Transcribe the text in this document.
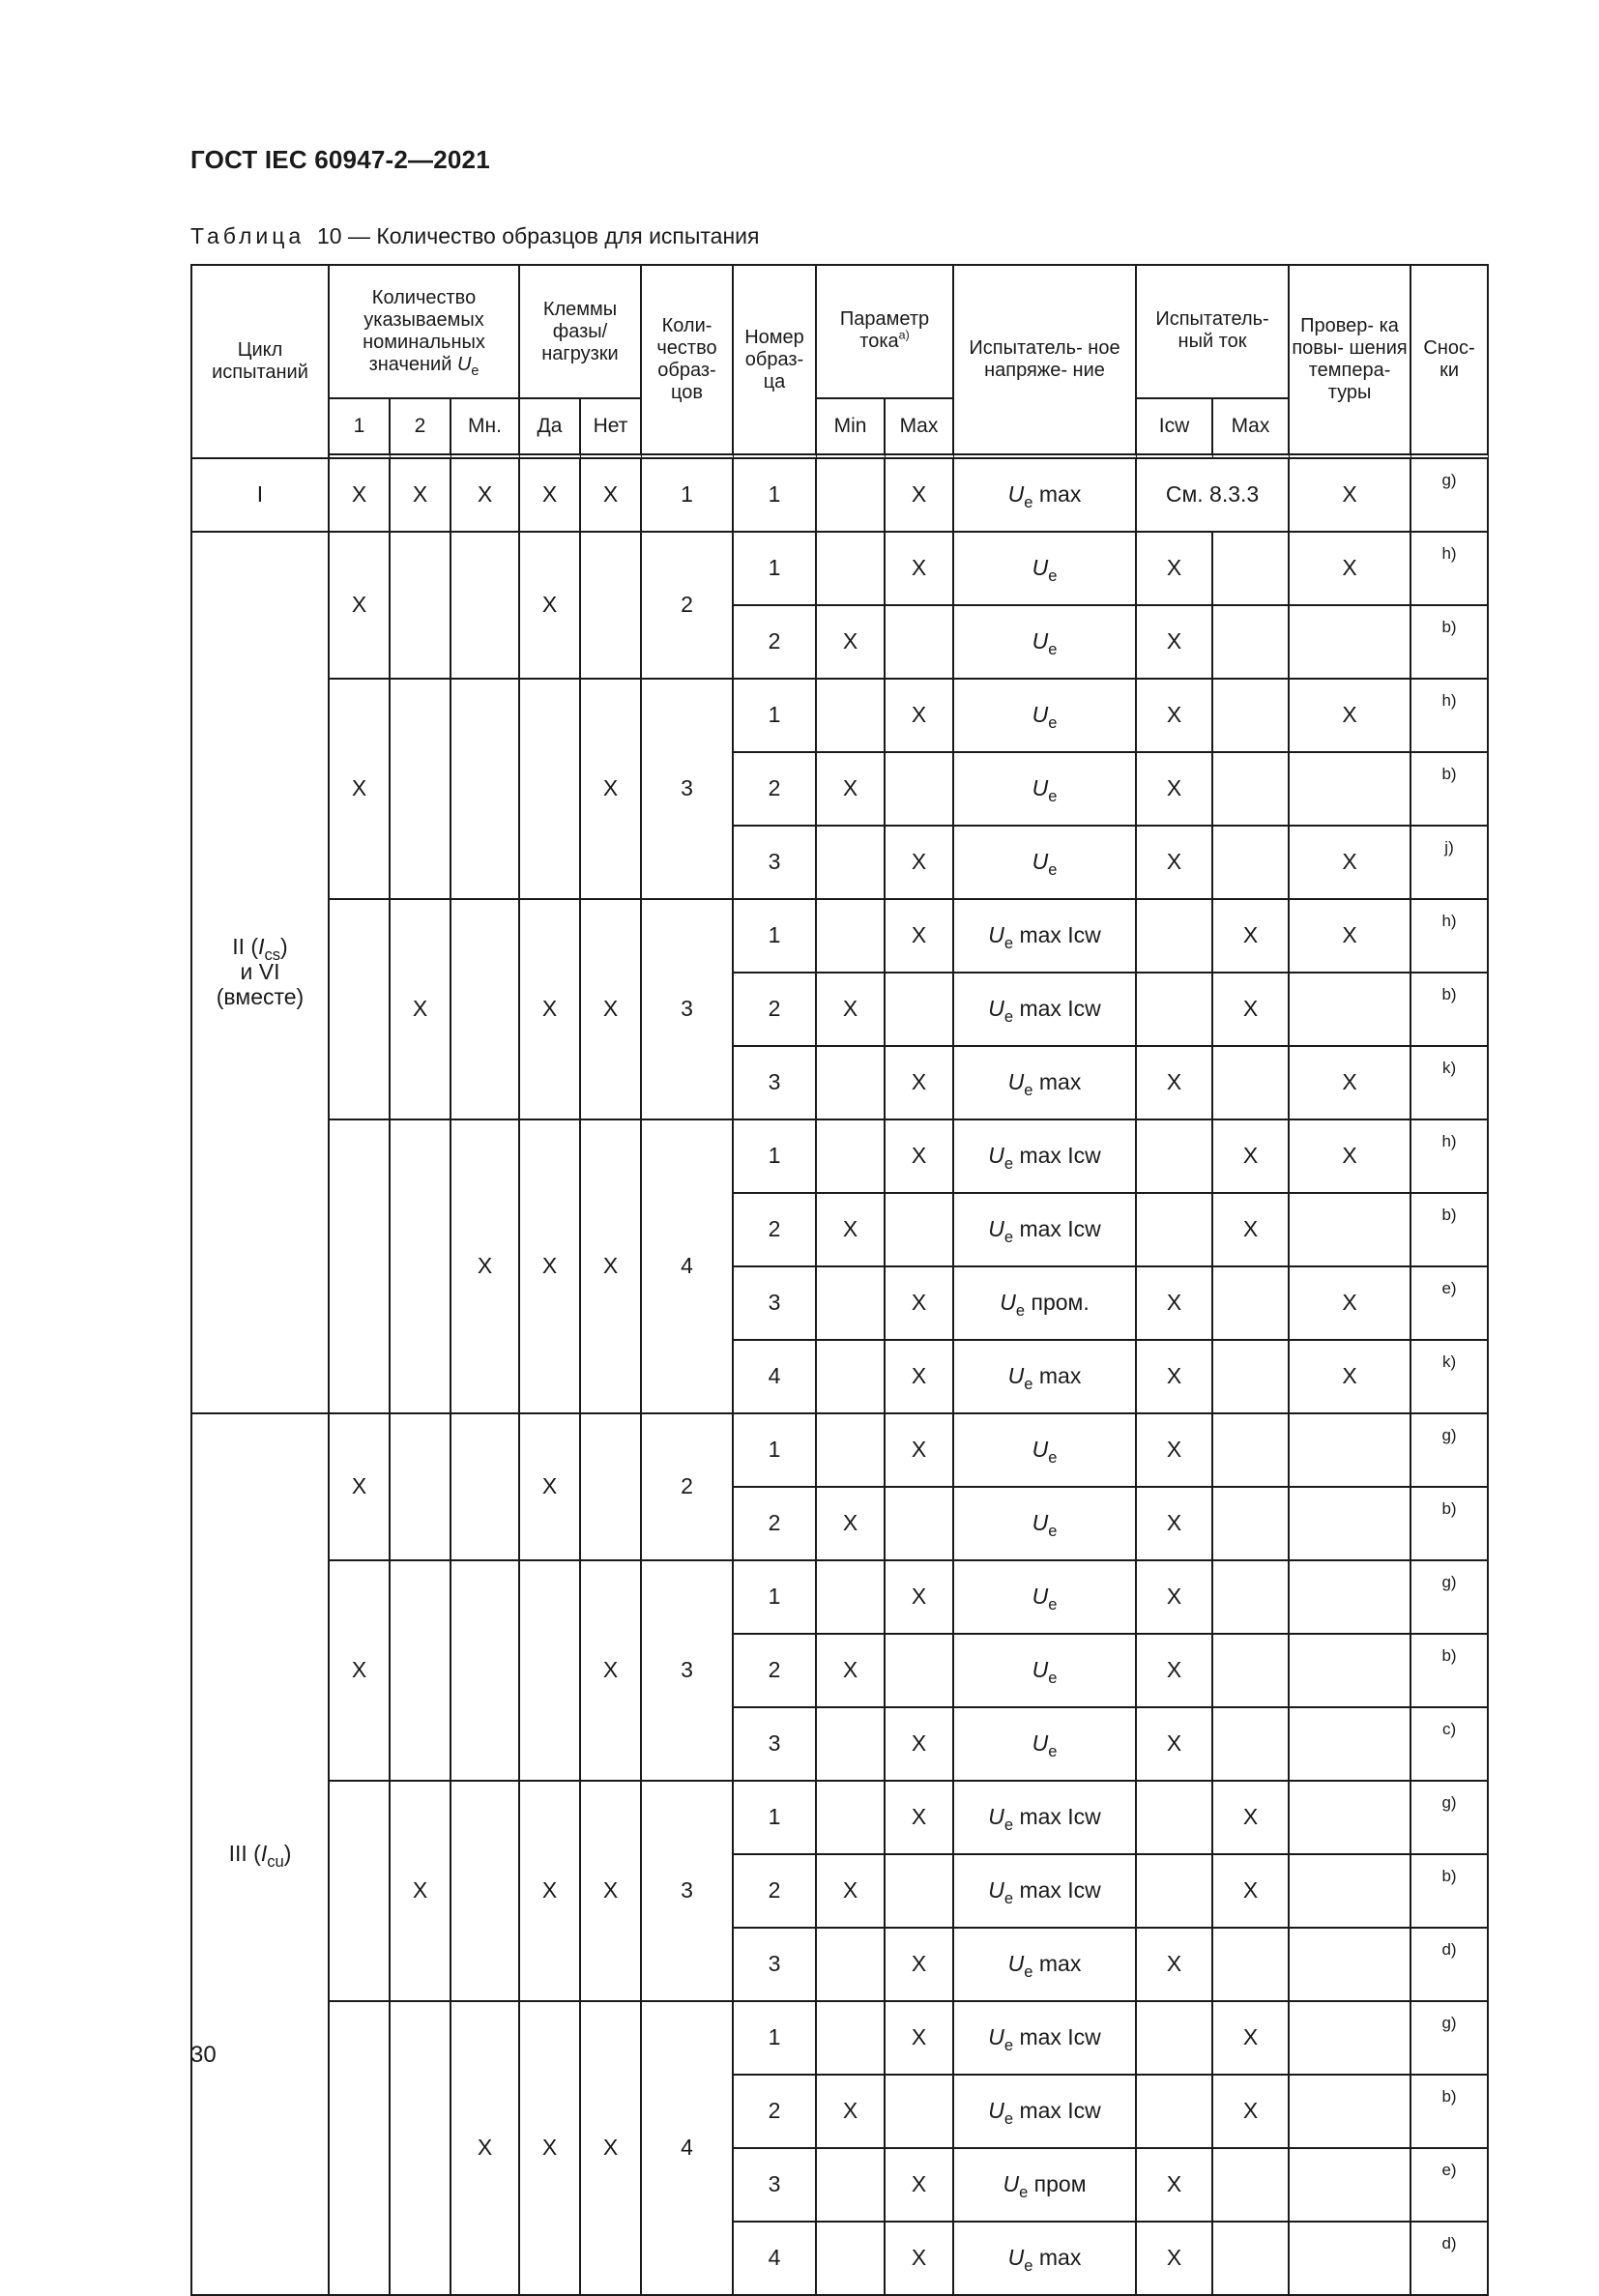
ГОСТ IEC 60947-2—2021
Таблица 10 — Количество образцов для испытания
Цикл испытаний	Количество указываемых номинальных значений $U_e$			Клеммы фазы/ нагрузки		Коли- чество образ- цов	Номер образ- ца	Параметр тока$^{a)}$		Испытатель- ное напряже- ние	Испытатель- ный ток		Провер- ка повы- шения темпера- туры	Снос- ки
	1	2	Мн.	Да	Нет			Min	Max		Icw	Max		
I	X	X	X	X	X	1	1		X	$U_e$ max	См. 8.3.3		X	g)
II $(I_{cs})$
и VI
(вместе)	X			X		2	1		X	$U_e$	X		X	h)
							2	X		$U_e$	X			b)
	X				X	3	1		X	$U_e$	X		X	h)
							2	X		$U_e$	X			b)
							3		X	$U_e$	X		X	j)
		X		X	X	3	1		X	$U_e$ max Icw		X	X	h)
							2	X		$U_e$ max Icw		X		b)
							3		X	$U_e$ max	X		X	k)
			X	X	X	4	1		X	$U_e$ max Icw		X	X	h)
							2	X		$U_e$ max Icw		X		b)
							3		X	$U_e$ пром.	X		X	e)
							4		X	$U_e$ max	X		X	k)
III $(I_{cu})$	X			X		2	1		X	$U_e$	X			g)
							2	X		$U_e$	X			b)
	X				X	3	1		X	$U_e$	X			g)
							2	X		$U_e$	X			b)
							3		X	$U_e$	X			c)
		X		X	X	3	1		X	$U_e$ max Icw		X		g)
							2	X		$U_e$ max Icw		X		b)
							3		X	$U_e$ max	X			d)
			X	X	X	4	1		X	$U_e$ max Icw		X		g)
							2	X		$U_e$ max Icw		X		b)
							3		X	$U_e$ пром	X			e)
							4		X	$U_e$ max	X			d)
30
